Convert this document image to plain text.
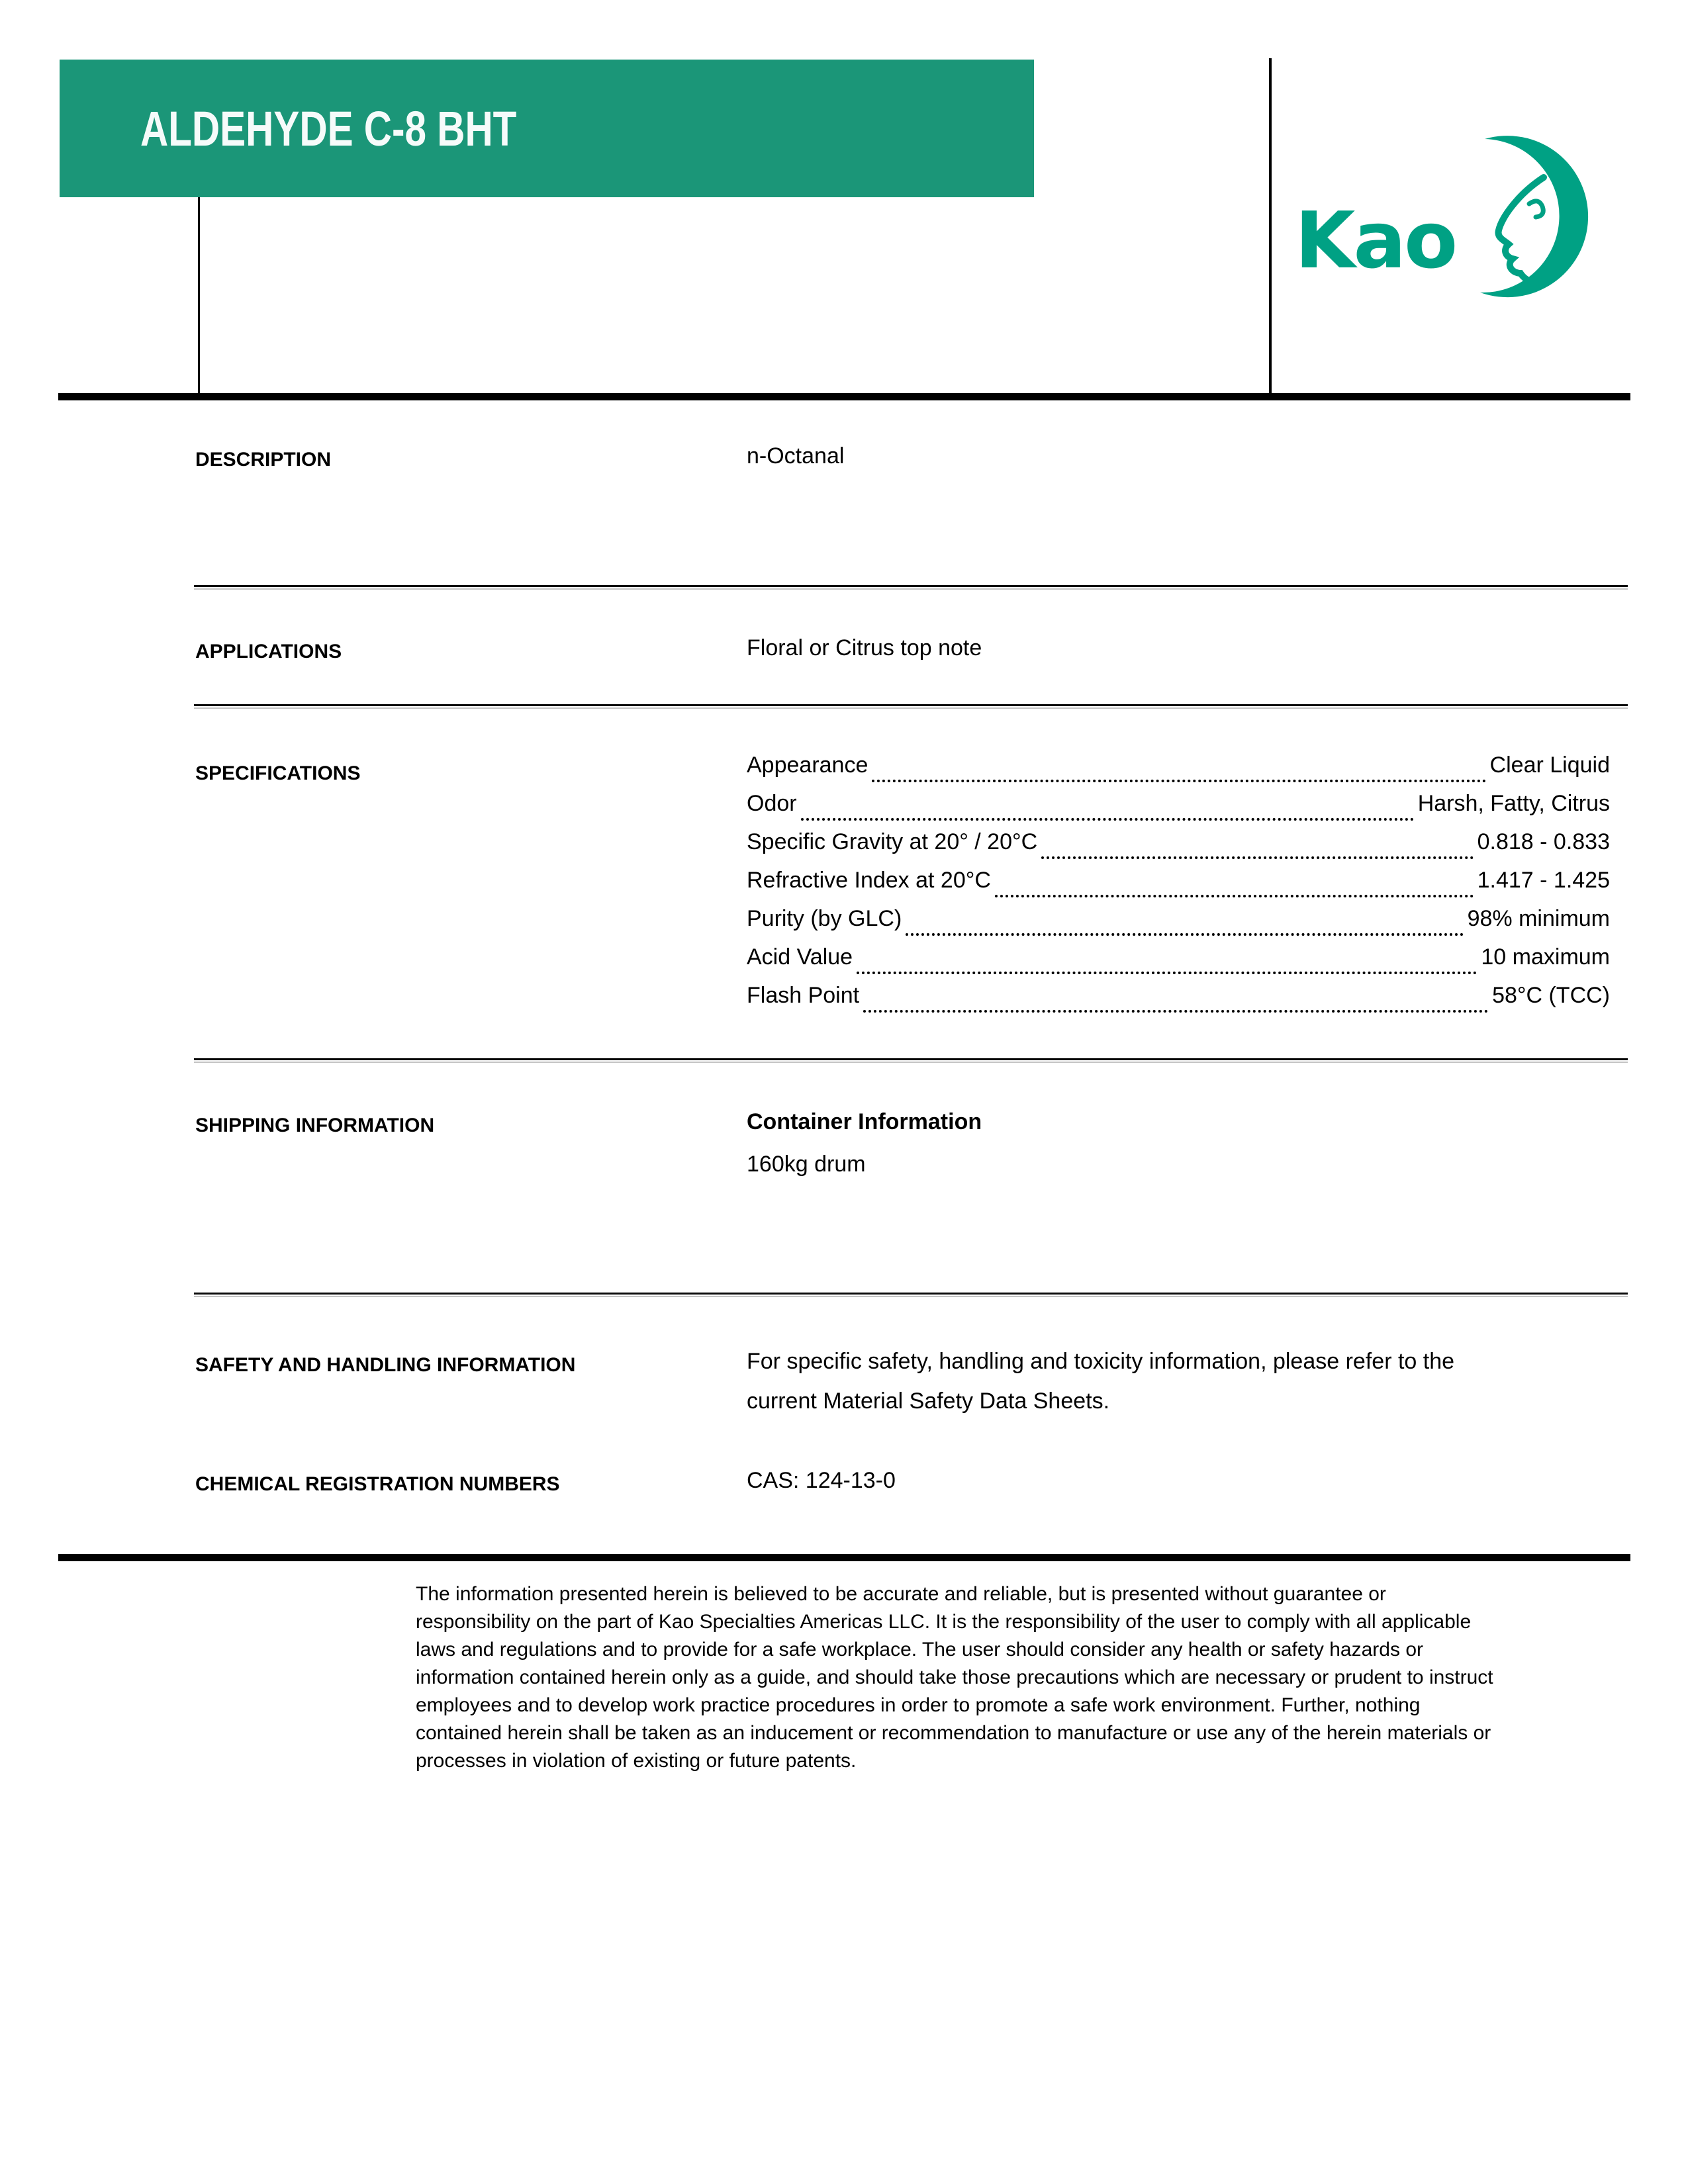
ALDEHYDE C-8 BHT
Kao
DESCRIPTION	n-Octanal
APPLICATIONS	Floral or Citrus top note
SPECIFICATIONS	Appearance	Clear Liquid
Odor	Harsh, Fatty, Citrus
Specific Gravity at 20° / 20°C	0.818 - 0.833
Refractive Index at 20°C	1.417 - 1.425
Purity (by GLC)	98% minimum
Acid Value	10 maximum
Flash Point	58°C (TCC)
SHIPPING INFORMATION	Container Information
160kg drum
SAFETY AND HANDLING INFORMATION	For specific safety, handling and toxicity information, please refer to the
current Material Safety Data Sheets.
CHEMICAL REGISTRATION NUMBERS	CAS: 124-13-0
The information presented herein is believed to be accurate and reliable, but is presented without guarantee or
responsibility on the part of Kao Specialties Americas LLC. It is the responsibility of the user to comply with all applicable
laws and regulations and to provide for a safe workplace. The user should consider any health or safety hazards or
information contained herein only as a guide, and should take those precautions which are necessary or prudent to instruct
employees and to develop work practice procedures in order to promote a safe work environment. Further, nothing
contained herein shall be taken as an inducement or recommendation to manufacture or use any of the herein materials or
processes in violation of existing or future patents.
